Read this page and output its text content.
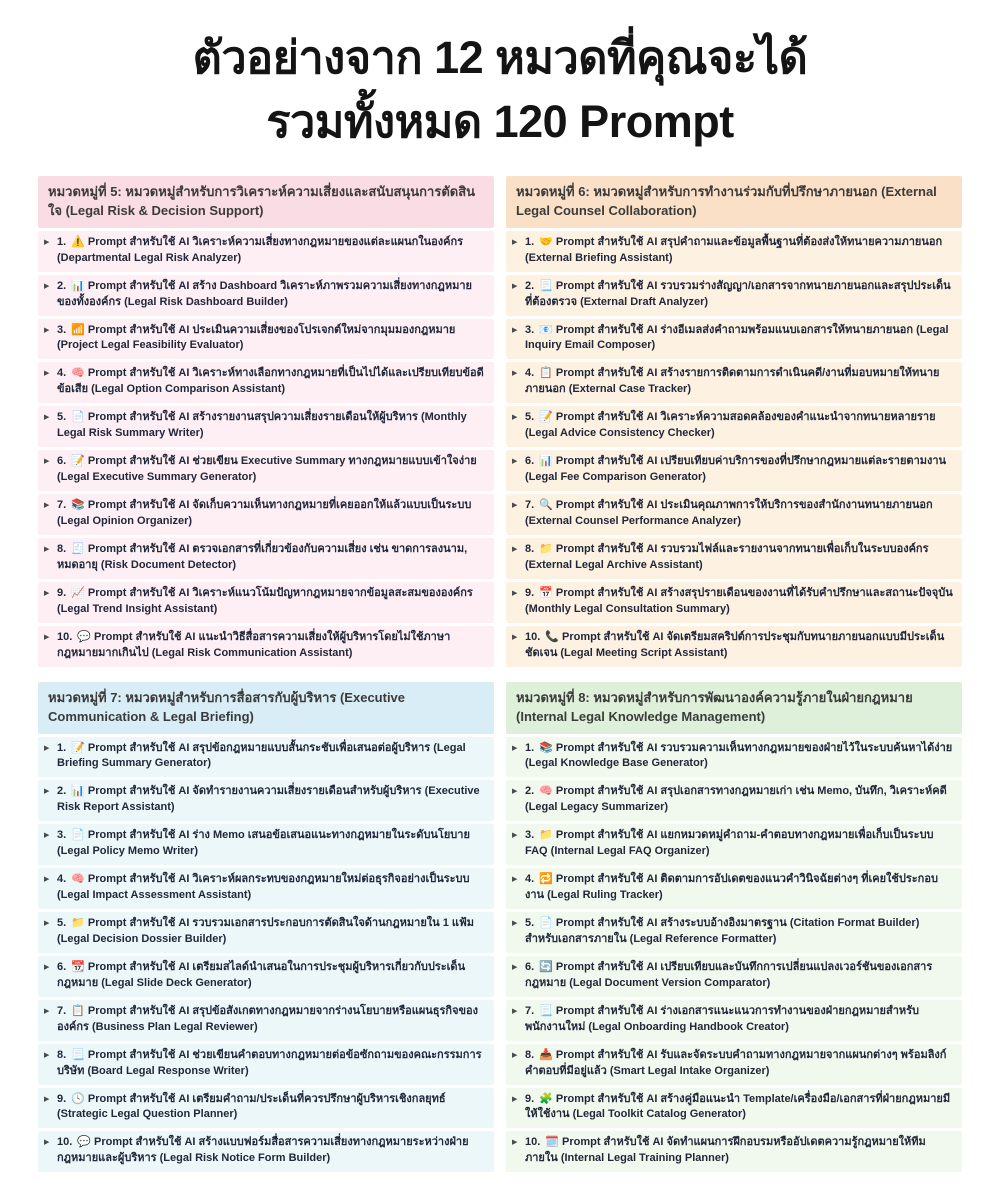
ตัวอย่างจาก 12 หมวดที่คุณจะได้
รวมทั้งหมด 120 Prompt
หมวดหมู่ที่ 5: หมวดหมู่สำหรับการวิเคราะห์ความเสี่ยงและสนับสนุนการตัดสินใจ (Legal Risk & Decision Support)
▶ 1. ⚠️ Prompt สำหรับใช้ AI วิเคราะห์ความเสี่ยงทางกฎหมายของแต่ละแผนกในองค์กร (Departmental Legal Risk Analyzer)
▶ 2. 📊 Prompt สำหรับใช้ AI สร้าง Dashboard วิเคราะห์ภาพรวมความเสี่ยงทางกฎหมายของทั้งองค์กร (Legal Risk Dashboard Builder)
▶ 3. 📶 Prompt สำหรับใช้ AI ประเมินความเสี่ยงของโปรเจกต์ใหม่จากมุมมองกฎหมาย (Project Legal Feasibility Evaluator)
▶ 4. 🧠 Prompt สำหรับใช้ AI วิเคราะห์ทางเลือกทางกฎหมายที่เป็นไปได้และเปรียบเทียบข้อดีข้อเสีย (Legal Option Comparison Assistant)
▶ 5. 📄 Prompt สำหรับใช้ AI สร้างรายงานสรุปความเสี่ยงรายเดือนให้ผู้บริหาร (Monthly Legal Risk Summary Writer)
▶ 6. 📝 Prompt สำหรับใช้ AI ช่วยเขียน Executive Summary ทางกฎหมายแบบเข้าใจง่าย (Legal Executive Summary Generator)
▶ 7. 📚 Prompt สำหรับใช้ AI จัดเก็บความเห็นทางกฎหมายที่เคยออกให้แล้วแบบเป็นระบบ (Legal Opinion Organizer)
▶ 8. 🧾 Prompt สำหรับใช้ AI ตรวจเอกสารที่เกี่ยวข้องกับความเสี่ยง เช่น ขาดการลงนาม, หมดอายุ (Risk Document Detector)
▶ 9. 📈 Prompt สำหรับใช้ AI วิเคราะห์แนวโน้มปัญหากฎหมายจากข้อมูลสะสมขององค์กร (Legal Trend Insight Assistant)
▶ 10. 💬 Prompt สำหรับใช้ AI แนะนำวิธีสื่อสารความเสี่ยงให้ผู้บริหารโดยไม่ใช้ภาษากฎหมายมากเกินไป (Legal Risk Communication Assistant)
หมวดหมู่ที่ 6: หมวดหมู่สำหรับการทำงานร่วมกับที่ปรึกษาภายนอก (External Legal Counsel Collaboration)
▶ 1. 🤝 Prompt สำหรับใช้ AI สรุปคำถามและข้อมูลพื้นฐานที่ต้องส่งให้ทนายความภายนอก (External Briefing Assistant)
▶ 2. 📃 Prompt สำหรับใช้ AI รวบรวมร่างสัญญา/เอกสารจากทนายภายนอกและสรุปประเด็นที่ต้องตรวจ (External Draft Analyzer)
▶ 3. 📧 Prompt สำหรับใช้ AI ร่างอีเมลส่งคำถามพร้อมแนบเอกสารให้ทนายภายนอก (Legal Inquiry Email Composer)
▶ 4. 📋 Prompt สำหรับใช้ AI สร้างรายการติดตามการดำเนินคดี/งานที่มอบหมายให้ทนายภายนอก (External Case Tracker)
▶ 5. 📝 Prompt สำหรับใช้ AI วิเคราะห์ความสอดคล้องของคำแนะนำจากทนายหลายราย (Legal Advice Consistency Checker)
▶ 6. 📊 Prompt สำหรับใช้ AI เปรียบเทียบค่าบริการของที่ปรึกษากฎหมายแต่ละรายตามงาน (Legal Fee Comparison Generator)
▶ 7. 🔍 Prompt สำหรับใช้ AI ประเมินคุณภาพการให้บริการของสำนักงานทนายภายนอก (External Counsel Performance Analyzer)
▶ 8. 📁 Prompt สำหรับใช้ AI รวบรวมไฟล์และรายงานจากทนายเพื่อเก็บในระบบองค์กร (External Legal Archive Assistant)
▶ 9. 📅 Prompt สำหรับใช้ AI สร้างสรุปรายเดือนของงานที่ได้รับคำปรึกษาและสถานะปัจจุบัน (Monthly Legal Consultation Summary)
▶ 10. 📞 Prompt สำหรับใช้ AI จัดเตรียมสคริปต์การประชุมกับทนายภายนอกแบบมีประเด็นชัดเจน (Legal Meeting Script Assistant)
หมวดหมู่ที่ 7: หมวดหมู่สำหรับการสื่อสารกับผู้บริหาร (Executive Communication & Legal Briefing)
▶ 1. 📝 Prompt สำหรับใช้ AI สรุปข้อกฎหมายแบบสั้นกระชับเพื่อเสนอต่อผู้บริหาร (Legal Briefing Summary Generator)
▶ 2. 📊 Prompt สำหรับใช้ AI จัดทำรายงานความเสี่ยงรายเดือนสำหรับผู้บริหาร (Executive Risk Report Assistant)
▶ 3. 📄 Prompt สำหรับใช้ AI ร่าง Memo เสนอข้อเสนอแนะทางกฎหมายในระดับนโยบาย (Legal Policy Memo Writer)
▶ 4. 🧠 Prompt สำหรับใช้ AI วิเคราะห์ผลกระทบของกฎหมายใหม่ต่อธุรกิจอย่างเป็นระบบ (Legal Impact Assessment Assistant)
▶ 5. 📁 Prompt สำหรับใช้ AI รวบรวมเอกสารประกอบการตัดสินใจด้านกฎหมายใน 1 แฟ้ม (Legal Decision Dossier Builder)
▶ 6. 📆 Prompt สำหรับใช้ AI เตรียมสไลด์นำเสนอในการประชุมผู้บริหารเกี่ยวกับประเด็นกฎหมาย (Legal Slide Deck Generator)
▶ 7. 📋 Prompt สำหรับใช้ AI สรุปข้อสังเกตทางกฎหมายจากร่างนโยบายหรือแผนธุรกิจขององค์กร (Business Plan Legal Reviewer)
▶ 8. 📃 Prompt สำหรับใช้ AI ช่วยเขียนคำตอบทางกฎหมายต่อข้อซักถามของคณะกรรมการบริษัท (Board Legal Response Writer)
▶ 9. 🕓 Prompt สำหรับใช้ AI เตรียมคำถาม/ประเด็นที่ควรปรึกษาผู้บริหารเชิงกลยุทธ์ (Strategic Legal Question Planner)
▶ 10. 💬 Prompt สำหรับใช้ AI สร้างแบบฟอร์มสื่อสารความเสี่ยงทางกฎหมายระหว่างฝ่ายกฎหมายและผู้บริหาร (Legal Risk Notice Form Builder)
หมวดหมู่ที่ 8: หมวดหมู่สำหรับการพัฒนาองค์ความรู้ภายในฝ่ายกฎหมาย (Internal Legal Knowledge Management)
▶ 1. 📚 Prompt สำหรับใช้ AI รวบรวมความเห็นทางกฎหมายของฝ่ายไว้ในระบบค้นหาได้ง่าย (Legal Knowledge Base Generator)
▶ 2. 🧠 Prompt สำหรับใช้ AI สรุปเอกสารทางกฎหมายเก่า เช่น Memo, บันทึก, วิเคราะห์คดี (Legal Legacy Summarizer)
▶ 3. 📁 Prompt สำหรับใช้ AI แยกหมวดหมู่คำถาม-คำตอบทางกฎหมายเพื่อเก็บเป็นระบบ FAQ (Internal Legal FAQ Organizer)
▶ 4. 🔁 Prompt สำหรับใช้ AI ติดตามการอัปเดตของแนวคำวินิจฉัยต่างๆ ที่เคยใช้ประกอบงาน (Legal Ruling Tracker)
▶ 5. 📄 Prompt สำหรับใช้ AI สร้างระบบอ้างอิงมาตรฐาน (Citation Format Builder) สำหรับเอกสารภายใน (Legal Reference Formatter)
▶ 6. 🔄 Prompt สำหรับใช้ AI เปรียบเทียบและบันทึกการเปลี่ยนแปลงเวอร์ชันของเอกสารกฎหมาย (Legal Document Version Comparator)
▶ 7. 📃 Prompt สำหรับใช้ AI ร่างเอกสารแนะแนวการทำงานของฝ่ายกฎหมายสำหรับพนักงานใหม่ (Legal Onboarding Handbook Creator)
▶ 8. 📥 Prompt สำหรับใช้ AI รับและจัดระบบคำถามทางกฎหมายจากแผนกต่างๆ พร้อมลิงก์คำตอบที่มีอยู่แล้ว (Smart Legal Intake Organizer)
▶ 9. 🧩 Prompt สำหรับใช้ AI สร้างคู่มือแนะนำ Template/เครื่องมือ/เอกสารที่ฝ่ายกฎหมายมีให้ใช้งาน (Legal Toolkit Catalog Generator)
▶ 10. 🗓️ Prompt สำหรับใช้ AI จัดทำแผนการฝึกอบรมหรืออัปเดตความรู้กฎหมายให้ทีมภายใน (Internal Legal Training Planner)
